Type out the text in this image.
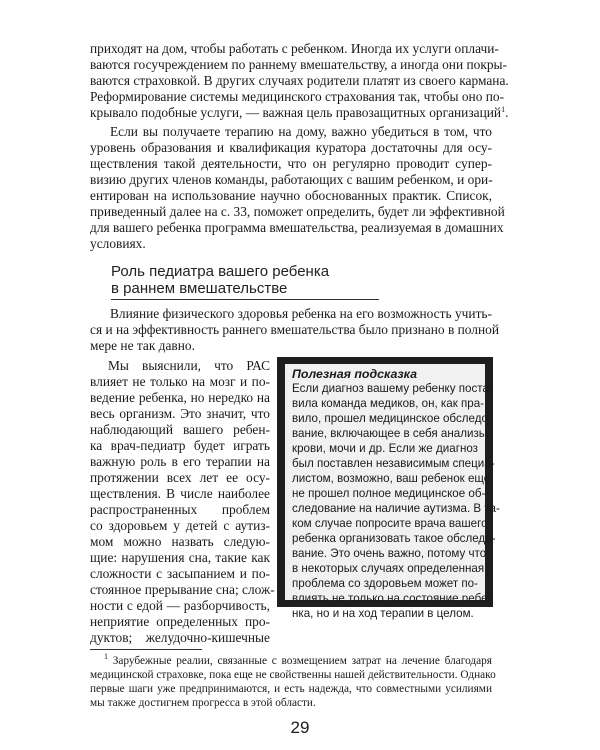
приходят на дом, чтобы работать с ребенком. Иногда их услуги оплачи-

ваются госучреждением по раннему вмешательству, а иногда они покры-

ваются страховкой. В других случаях родители платят из своего кармана.

Реформирование системы медицинского страхования так, чтобы оно по-

крывало подобные услуги, — важная цель правозащитных организаций$^1$.

Если вы получаете терапию на дому, важно убедиться в том, что

уровень образования и квалификация куратора достаточны для осу-

ществления такой деятельности, что он регулярно проводит супер-

визию других членов команды, работающих с вашим ребенком, и ори-

ентирован на использование научно обоснованных практик. Список,

приведенный далее на с. 33, поможет определить, будет ли эффективной

для вашего ребенка программа вмешательства, реализуемая в домашних

условиях.

Роль педиатра вашего ребенка

в раннем вмешательстве

Влияние физического здоровья ребенка на его возможность учить-

ся и на эффективность раннего вмешательства было признано в полной

мере не так давно.

Мы выяснили, что РАС

влияет не только на мозг и по-

ведение ребенка, но нередко на

весь организм. Это значит, что

наблюдающий вашего ребен-

ка врач-педиатр будет играть

важную роль в его терапии на

протяжении всех лет ее осу-

ществления. В числе наиболее

распространенных проблем

со здоровьем у детей с аутиз-

мом можно назвать следую-

щие: нарушения сна, такие как

сложности с засыпанием и по-

стоянное прерывание сна; слож-

ности с едой — разборчивость,

неприятие определенных про-

дуктов; желудочно-кишечные

Полезная подсказка

Если диагноз вашему ребенку поста-

вила команда медиков, он, как пра-

вило, прошел медицинское обследо-

вание, включающее в себя анализы

крови, мочи и др. Если же диагноз

был поставлен независимым специа-

листом, возможно, ваш ребенок еще

не прошел полное медицинское об-

следование на наличие аутизма. В та-

ком случае попросите врача вашего

ребенка организовать такое обследо-

вание. Это очень важно, потому что

в некоторых случаях определенная

проблема со здоровьем может по-

влиять не только на состояние ребе-

нка, но и на ход терапии в целом.

$^1$ Зарубежные реалии, связанные с возмещением затрат на лечение благодаря

медицинской страховке, пока еще не свойственны нашей действительности. Однако

первые шаги уже предпринимаются, и есть надежда, что совместными усилиями

мы также достигнем прогресса в этой области.

29
